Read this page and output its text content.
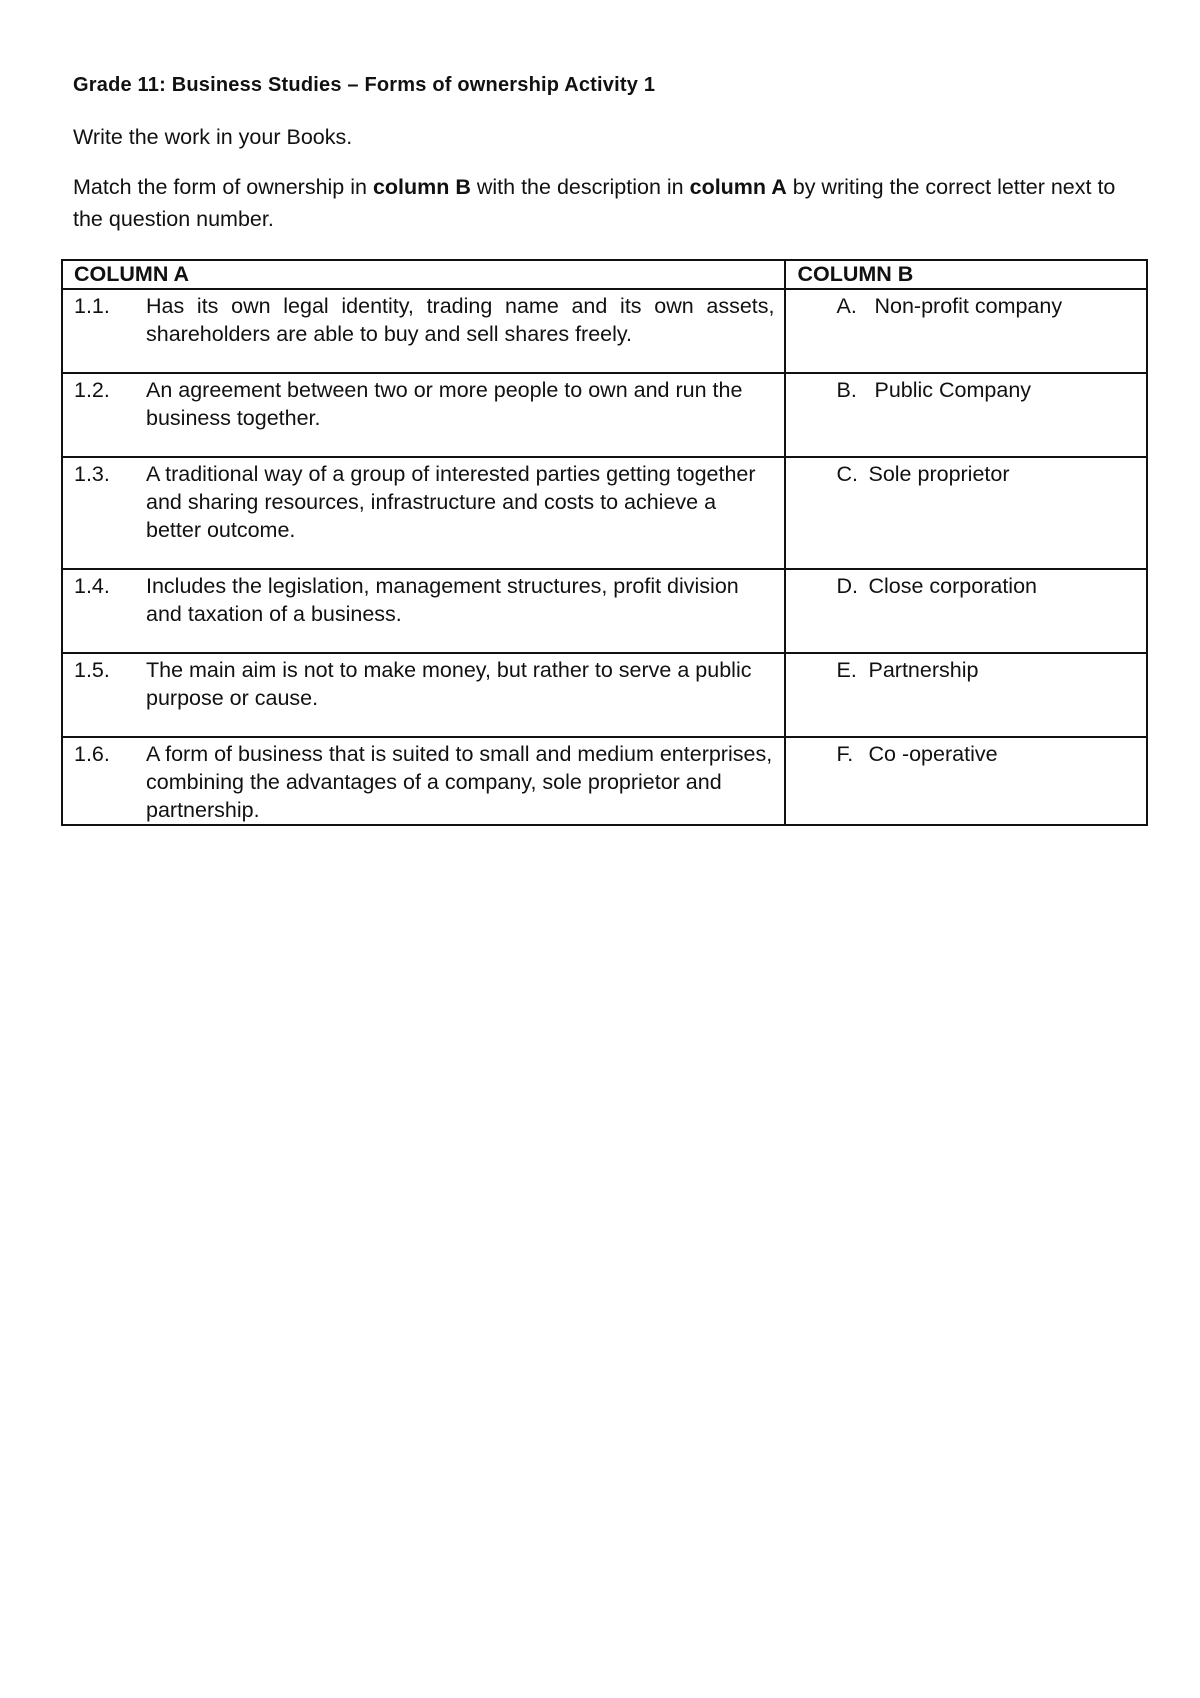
Grade 11: Business Studies – Forms of ownership Activity 1
Write the work in your Books.
Match the form of ownership in column B with the description in column A by writing the correct letter next to the question number.
COLUMN A	COLUMN B

1.1. Has its own legal identity, trading name and its own assets, shareholders are able to buy and sell shares freely.	A. Non-profit company

1.2. An agreement between two or more people to own and run the business together.	B. Public Company

1.3. A traditional way of a group of interested parties getting together and sharing resources, infrastructure and costs to achieve a better outcome.	C. Sole proprietor

1.4. Includes the legislation, management structures, profit division and taxation of a business.	D. Close corporation

1.5. The main aim is not to make money, but rather to serve a public purpose or cause.	E. Partnership

1.6. A form of business that is suited to small and medium enterprises, combining the advantages of a company, sole proprietor and partnership.	F. Co -operative
